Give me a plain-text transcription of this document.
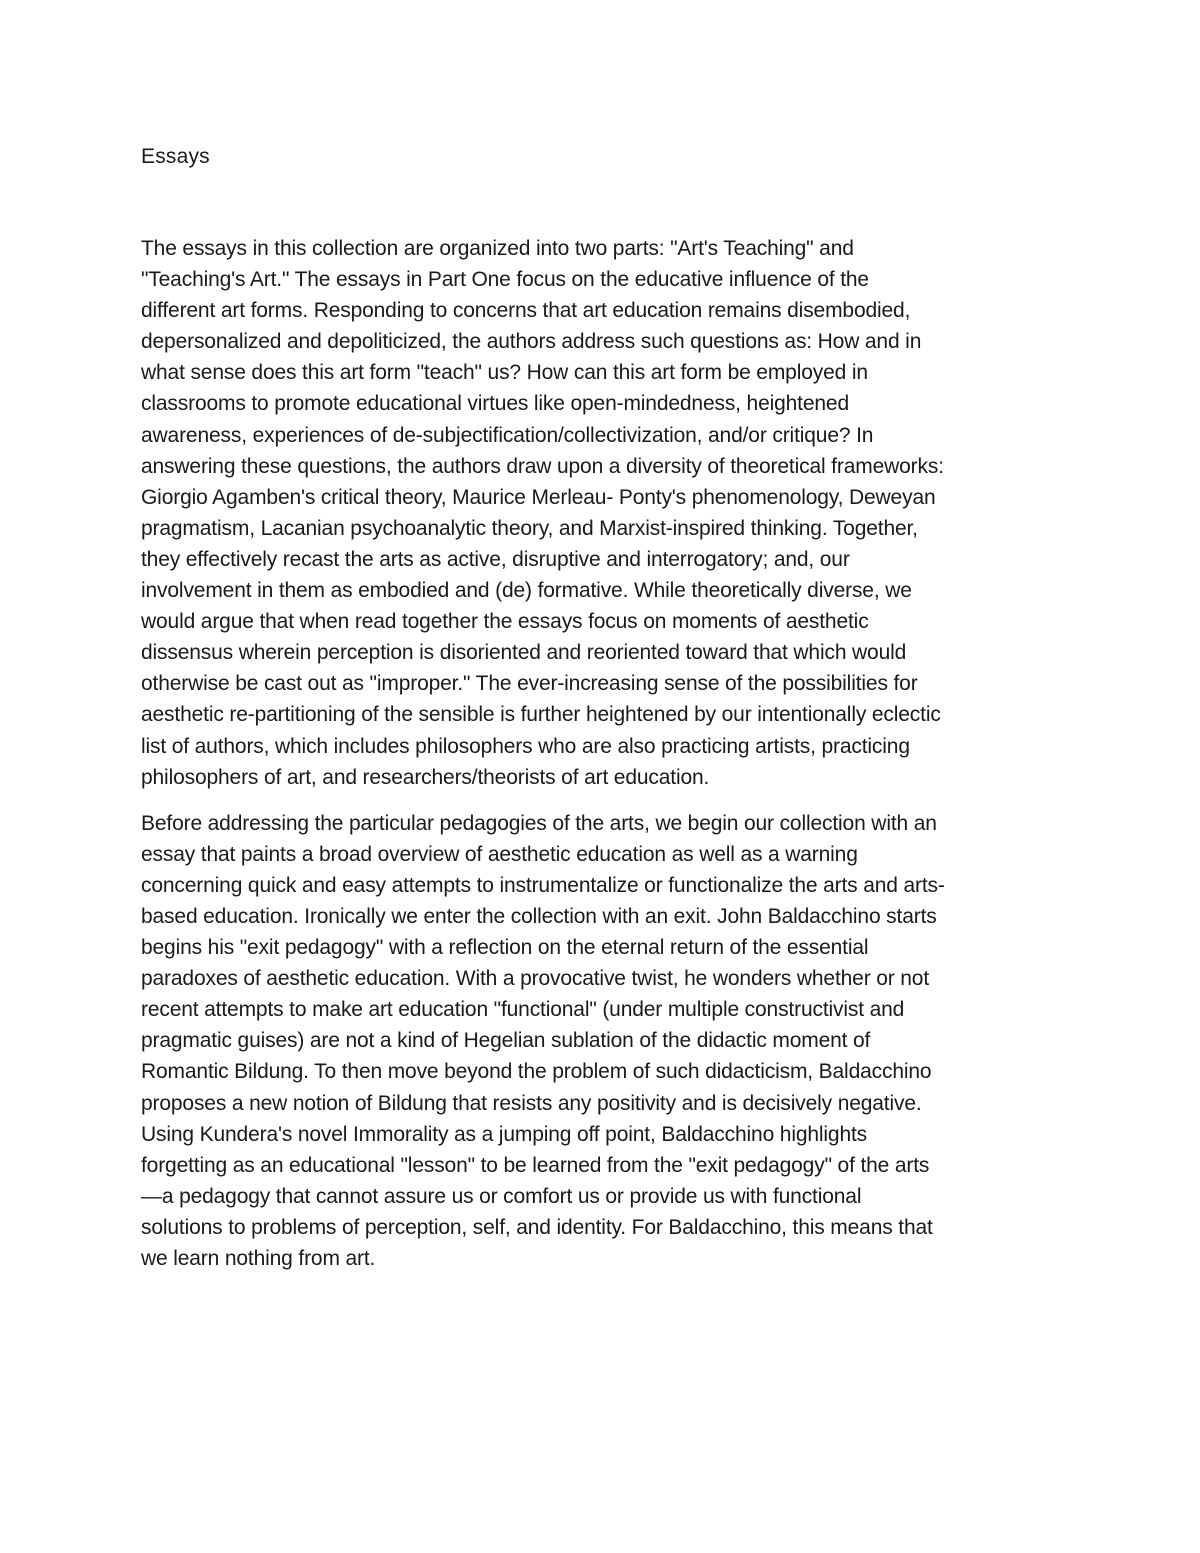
Essays

The essays in this collection are organized into two parts: "Art's Teaching" and
"Teaching's Art." The essays in Part One focus on the educative influence of the
different art forms. Responding to concerns that art education remains disembodied,
depersonalized and depoliticized, the authors address such questions as: How and in
what sense does this art form "teach" us? How can this art form be employed in
classrooms to promote educational virtues like open-mindedness, heightened
awareness, experiences of de-subjectification/collectivization, and/or critique? In
answering these questions, the authors draw upon a diversity of theoretical frameworks:
Giorgio Agamben's critical theory, Maurice Merleau- Ponty's phenomenology, Deweyan
pragmatism, Lacanian psychoanalytic theory, and Marxist-inspired thinking. Together,
they effectively recast the arts as active, disruptive and interrogatory; and, our
involvement in them as embodied and (de) formative. While theoretically diverse, we
would argue that when read together the essays focus on moments of aesthetic
dissensus wherein perception is disoriented and reoriented toward that which would
otherwise be cast out as "improper." The ever-increasing sense of the possibilities for
aesthetic re-partitioning of the sensible is further heightened by our intentionally eclectic
list of authors, which includes philosophers who are also practicing artists, practicing
philosophers of art, and researchers/theorists of art education.

Before addressing the particular pedagogies of the arts, we begin our collection with an
essay that paints a broad overview of aesthetic education as well as a warning
concerning quick and easy attempts to instrumentalize or functionalize the arts and arts-
based education. Ironically we enter the collection with an exit. John Baldacchino starts
begins his "exit pedagogy" with a reflection on the eternal return of the essential
paradoxes of aesthetic education. With a provocative twist, he wonders whether or not
recent attempts to make art education "functional" (under multiple constructivist and
pragmatic guises) are not a kind of Hegelian sublation of the didactic moment of
Romantic Bildung. To then move beyond the problem of such didacticism, Baldacchino
proposes a new notion of Bildung that resists any positivity and is decisively negative.
Using Kundera's novel Immorality as a jumping off point, Baldacchino highlights
forgetting as an educational "lesson" to be learned from the "exit pedagogy" of the arts
—a pedagogy that cannot assure us or comfort us or provide us with functional
solutions to problems of perception, self, and identity. For Baldacchino, this means that
we learn nothing from art.
